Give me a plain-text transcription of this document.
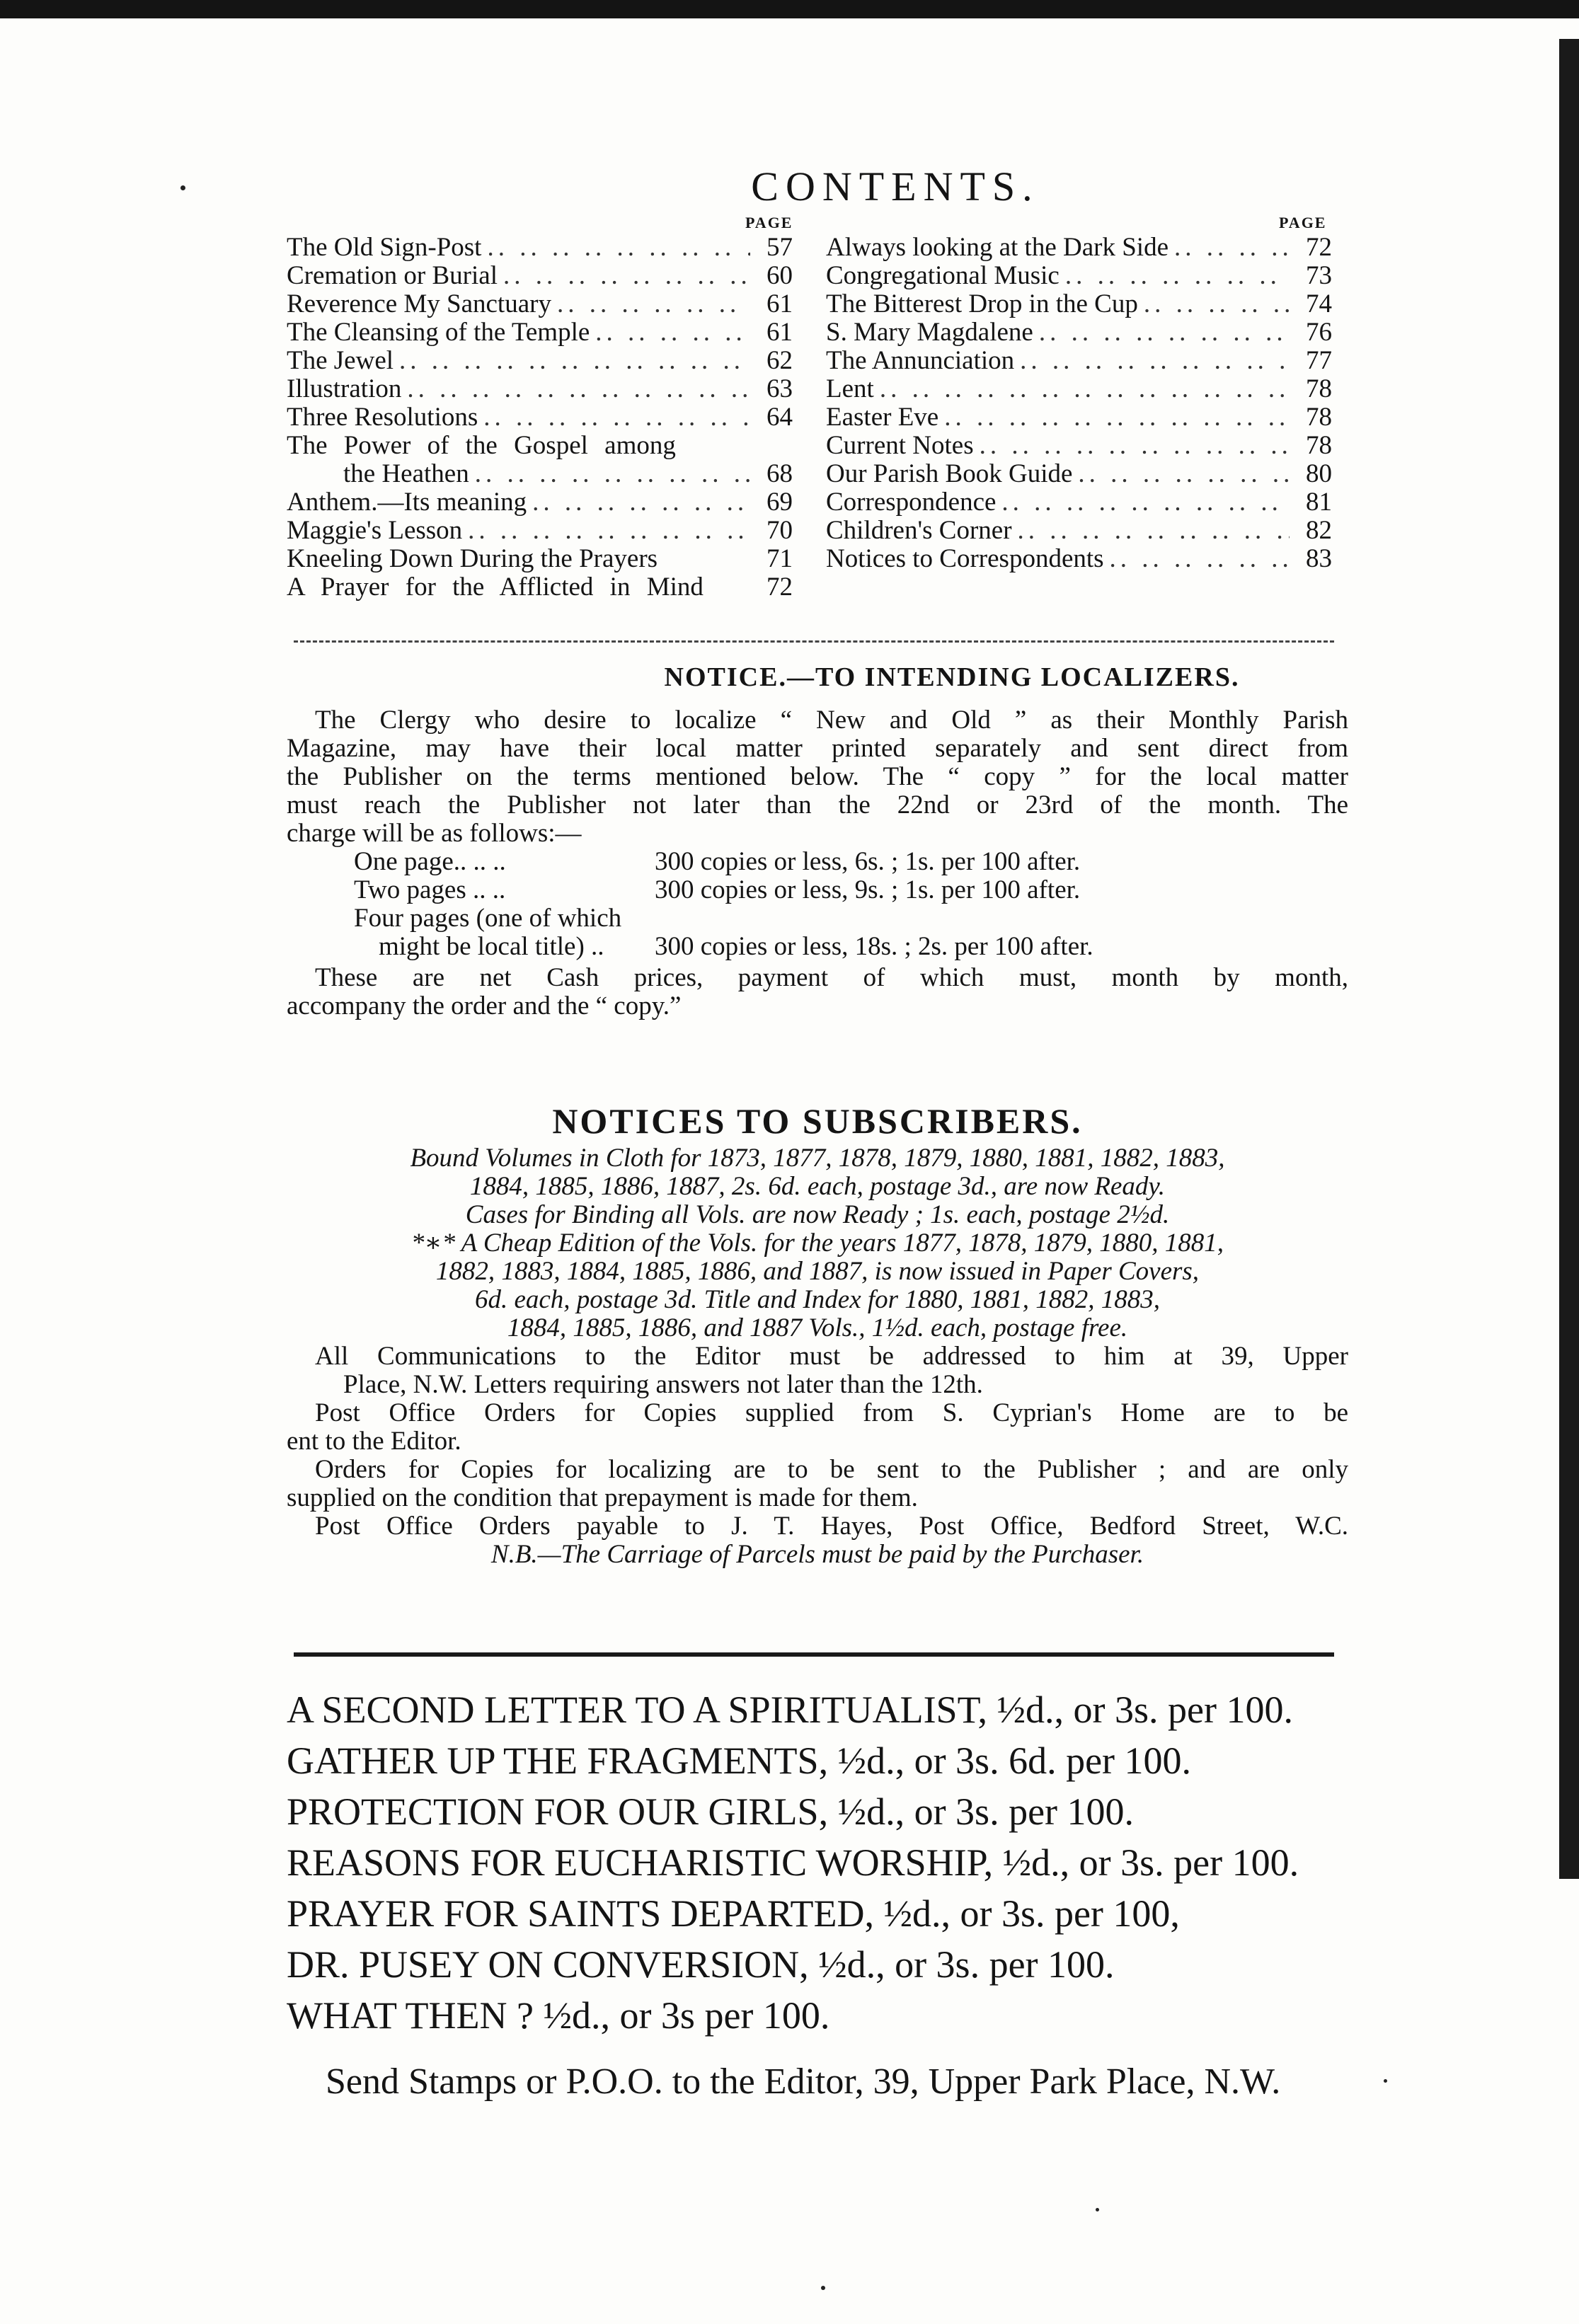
CONTENTS.
PAGE	PAGE
The Old Sign-Post .. ..	57
Cremation or Burial .. ..	60
Reverence My Sanctuary .. ..	61
The Cleansing of the Temple .. ..	61
The Jewel .. ..	62
Illustration .. ..	63
Three Resolutions .. ..	64
The Power of the Gospel among
the Heathen .. ..	68
Anthem.—Its meaning .. ..	69
Maggie's Lesson .. ..	70
Kneeling Down During the Prayers	71
A Prayer for the Afflicted in Mind	72
Always looking at the Dark Side .. ..	72
Congregational Music .. ..	73
The Bitterest Drop in the Cup .. ..	74
S. Mary Magdalene .. ..	76
The Annunciation .. ..	77
Lent .. ..	78
Easter Eve .. ..	78
Current Notes .. ..	78
Our Parish Book Guide .. ..	80
Correspondence .. ..	81
Children's Corner .. ..	82
Notices to Correspondents .. ..	83
NOTICE.—TO INTENDING LOCALIZERS.
The Clergy who desire to localize “ New and Old ” as their Monthly Parish
Magazine, may have their local matter printed separately and sent direct from
the Publisher on the terms mentioned below. The “ copy ” for the local matter
must reach the Publisher not later than the 22nd or 23rd of the month. The
charge will be as follows:—
One page.. .. ..	300 copies or less, 6s. ; 1s. per 100 after.
Two pages .. ..	300 copies or less, 9s. ; 1s. per 100 after.
Four pages (one of which
might be local title) ..	300 copies or less, 18s. ; 2s. per 100 after.
These are net Cash prices, payment of which must, month by month,
accompany the order and the “ copy.”
NOTICES TO SUBSCRIBERS.
Bound Volumes in Cloth for 1873, 1877, 1878, 1879, 1880, 1881, 1882, 1883,
1884, 1885, 1886, 1887, 2s. 6d. each, postage 3d., are now Ready.
Cases for Binding all Vols. are now Ready ; 1s. each, postage 2½d.
*∗* A Cheap Edition of the Vols. for the years 1877, 1878, 1879, 1880, 1881,
1882, 1883, 1884, 1885, 1886, and 1887, is now issued in Paper Covers,
6d. each, postage 3d. Title and Index for 1880, 1881, 1882, 1883,
1884, 1885, 1886, and 1887 Vols., 1½d. each, postage free.
All Communications to the Editor must be addressed to him at 39, Upper
Place, N.W. Letters requiring answers not later than the 12th.
Post Office Orders for Copies supplied from S. Cyprian's Home are to be
ent to the Editor.
Orders for Copies for localizing are to be sent to the Publisher ; and are only
supplied on the condition that prepayment is made for them.
Post Office Orders payable to J. T. Hayes, Post Office, Bedford Street, W.C.
N.B.—The Carriage of Parcels must be paid by the Purchaser.
A SECOND LETTER TO A SPIRITUALIST, ½d., or 3s. per 100.
GATHER UP THE FRAGMENTS, ½d., or 3s. 6d. per 100.
PROTECTION FOR OUR GIRLS, ½d., or 3s. per 100.
REASONS FOR EUCHARISTIC WORSHIP, ½d., or 3s. per 100.
PRAYER FOR SAINTS DEPARTED, ½d., or 3s. per 100,
DR. PUSEY ON CONVERSION, ½d., or 3s. per 100.
WHAT THEN ? ½d., or 3s per 100.
Send Stamps or P.O.O. to the Editor, 39, Upper Park Place, N.W.
